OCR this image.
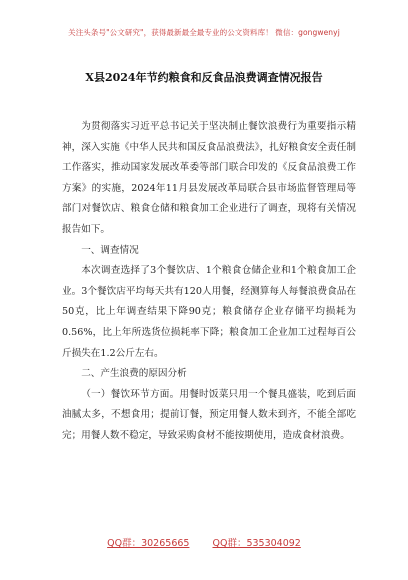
关注头条号"公文研究"，获得最新最全最专业的公文资料库！ 微信：gongwenyj
X县2024年节约粮食和反食品浪费调查情况报告

为贯彻落实习近平总书记关于坚决制止餐饮浪费行为重要指示精神，深入实施《中华人民共和国反食品浪费法》，扎好粮食安全责任制工作落实，推动国家发展改革委等部门联合印发的《反食品浪费工作方案》的实施，2024年11月县发展改革局联合县市场监督管理局等部门对餐饮店、粮食仓储和粮食加工企业进行了调查，现将有关情况报告如下。

一、调查情况

本次调查选择了3个餐饮店、1个粮食仓储企业和1个粮食加工企业。3个餐饮店平均每天共有120人用餐，经测算每人每餐浪费食品在50克，比上年调查结果下降90克；粮食储存企业存储平均损耗为0.56%，比上年所选货位损耗率下降；粮食加工企业加工过程每百公斤损失在1.2公斤左右。

二、产生浪费的原因分析

（一）餐饮环节方面。用餐时饭菜只用一个餐具盛装，吃到后面油腻太多，不想食用；提前订餐，预定用餐人数未到齐，不能全部吃完；用餐人数不稳定，导致采购食材不能按期使用，造成食材浪费。

QQ群：30265665 QQ群：535304092
